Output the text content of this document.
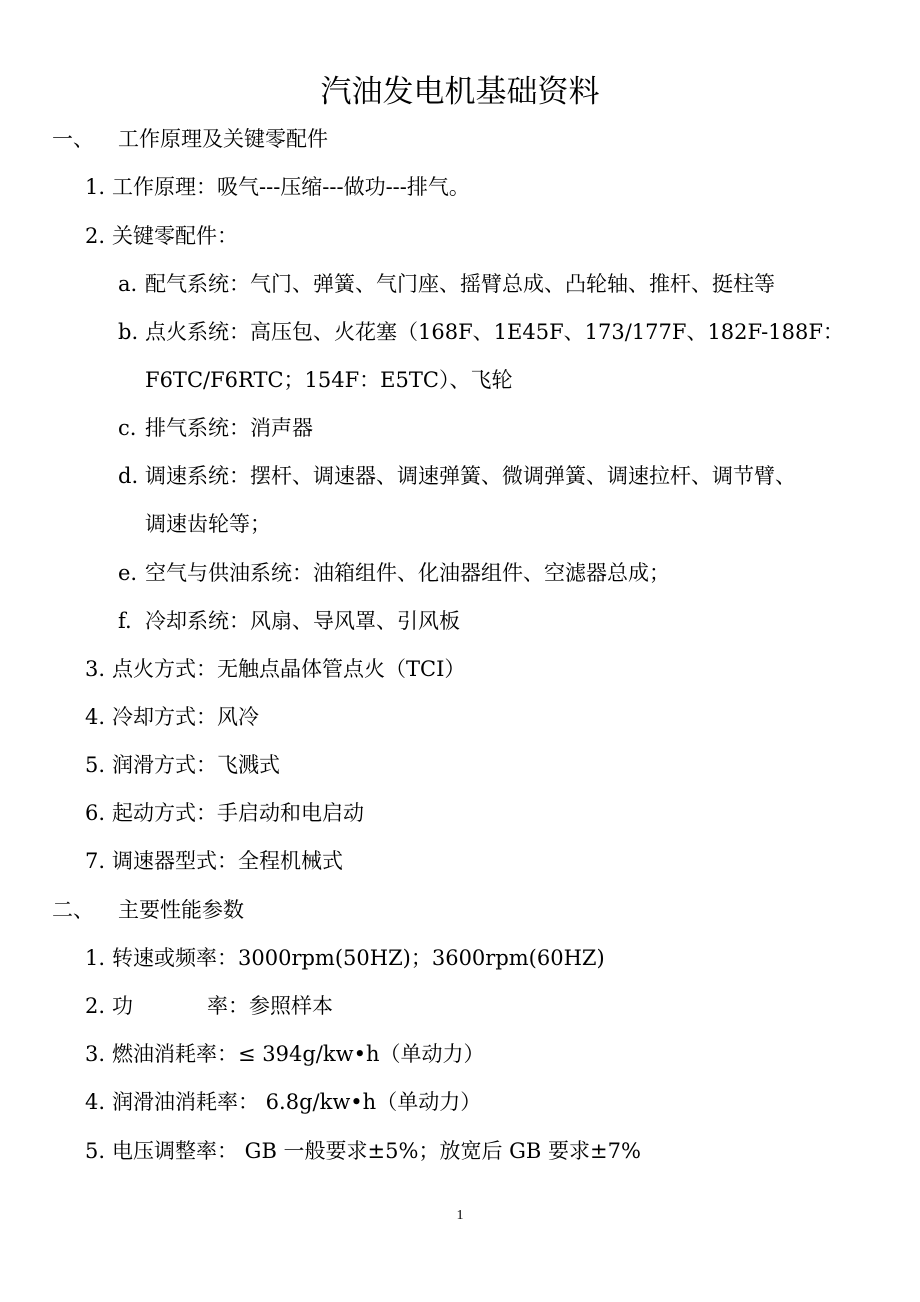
汽油发电机基础资料
一、 工作原理及关键零配件
1. 工作原理：吸气---压缩---做功---排气。
2. 关键零配件：
a. 配气系统：气门、弹簧、气门座、摇臂总成、凸轮轴、推杆、挺柱等
b. 点火系统：高压包、火花塞（168F、1E45F、173/177F、182F-188F：
F6TC/F6RTC；154F：E5TC）、飞轮
c. 排气系统：消声器
d. 调速系统：摆杆、调速器、调速弹簧、微调弹簧、调速拉杆、调节臂、
调速齿轮等；
e. 空气与供油系统：油箱组件、化油器组件、空滤器总成；
f. 冷却系统：风扇、导风罩、引风板
3. 点火方式：无触点晶体管点火（TCI）
4. 冷却方式：风冷
5. 润滑方式：飞溅式
6. 起动方式：手启动和电启动
7. 调速器型式：全程机械式
二、 主要性能参数
1. 转速或频率：3000rpm(50HZ)；3600rpm(60HZ)
2. 功	率：参照样本
3. 燃油消耗率：≤ 394g/kw•h（单动力）
4. 润滑油消耗率： 6.8g/kw•h（单动力）
5. 电压调整率： GB 一般要求±5%；放宽后 GB 要求±7%
1
